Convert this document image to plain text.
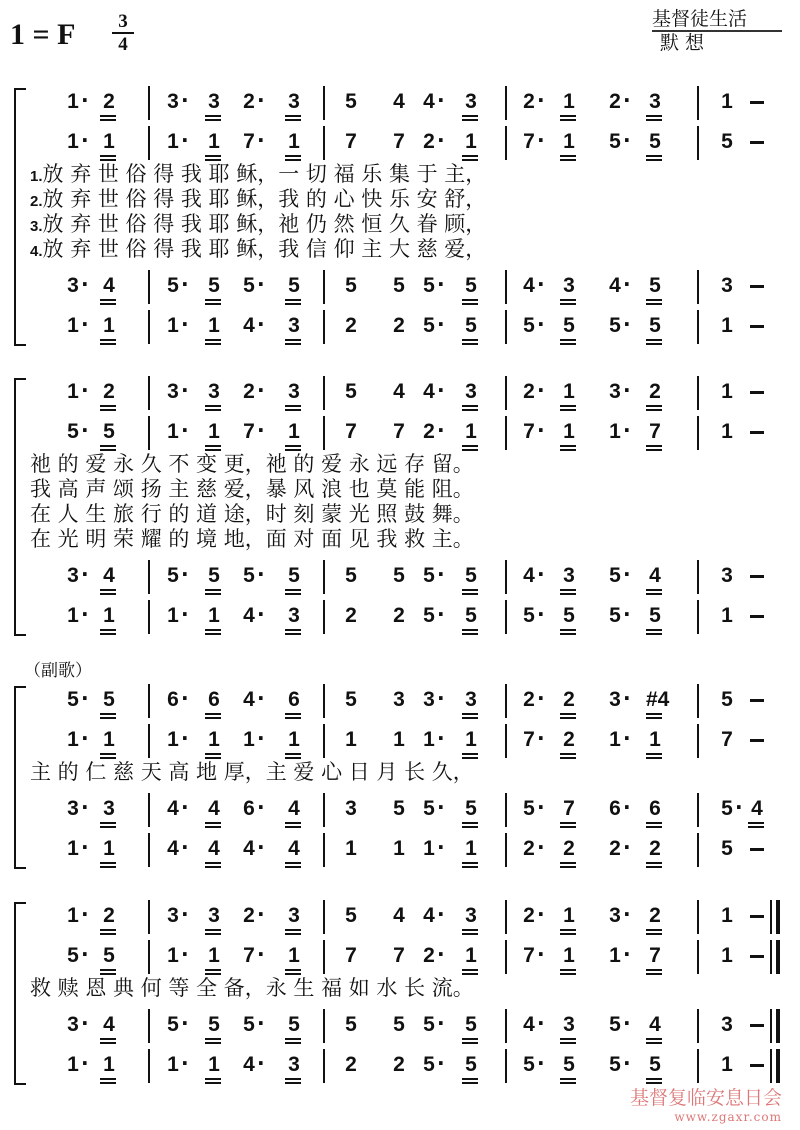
1 = F	3
4
基督徒生活
默 想
1 · 2 3 · 3 2 · 3 5 4 4 · 3 2 · 1 2 · 3	1
1 · 1 1 · 1 7 · 1 7 7 2 · 1 7 · 1 5 · 5	5
1.放 弃 世 俗 得 我 耶 稣，一 切 福 乐 集 于 主，
2.放 弃 世 俗 得 我 耶 稣，我 的 心 快 乐 安 舒，
3.放 弃 世 俗 得 我 耶 稣，祂 仍 然 恒 久 眷 顾，
4.放 弃 世 俗 得 我 耶 稣，我 信 仰 主 大 慈 爱，
3 · 4 5 · 5 5 · 5 5 5 5 · 5 4 · 3 4 · 5	3
1 · 1 1 · 1 4 · 3 2 2 5 · 5 5 · 5 5 · 5	1
1 · 2 3 · 3 2 · 3 5 4 4 · 3 2 · 1 3 · 2	1
5 · 5 1 · 1 7 · 1 7 7 2 · 1 7 · 1 1 · 7	1
祂 的 爱 永 久 不 变 更，祂 的 爱 永 远 存 留。
我 高 声 颂 扬 主 慈 爱，暴 风 浪 也 莫 能 阻。
在 人 生 旅 行 的 道 途，时 刻 蒙 光 照 鼓 舞。
在 光 明 荣 耀 的 境 地，面 对 面 见 我 救 主。
3 · 4 5 · 5 5 · 5 5 5 5 · 5 4 · 3 5 · 4	3
1 · 1 1 · 1 4 · 3 2 2 5 · 5 5 · 5 5 · 5	1
5 · 5 6 · 6 4 · 6 5 3 3 · 3 2 · 2 3 · #4 5
1 · 1 1 · 1 1 · 1 1 1 1 · 1 7 · 2 1 · 1	7
主 的 仁 慈 天 高 地 厚，主 爱 心 日 月 长 久，
3 · 3 4 · 4 6 · 4 3 5 5 · 5 5 · 7 6 · 6	5 · 4
1 · 1 4 · 4 4 · 4 1 1 1 · 1 2 · 2 2 · 2	5
1 · 2 3 · 3 2 · 3 5 4 4 · 3 2 · 1 3 · 2	1
5 · 5 1 · 1 7 · 1 7 7 2 · 1 7 · 1 1 · 7	1
救 赎 恩 典 何 等 全 备，永 生 福 如 水 长 流。
3 · 4 5 · 5 5 · 5 5 5 5 · 5 4 · 3 5 · 4	3
1 · 1 1 · 1 4 · 3 2 2 5 · 5 5 · 5 5 · 5	1
（副歌）
基督复临安息日会
www.zgaxr.com
